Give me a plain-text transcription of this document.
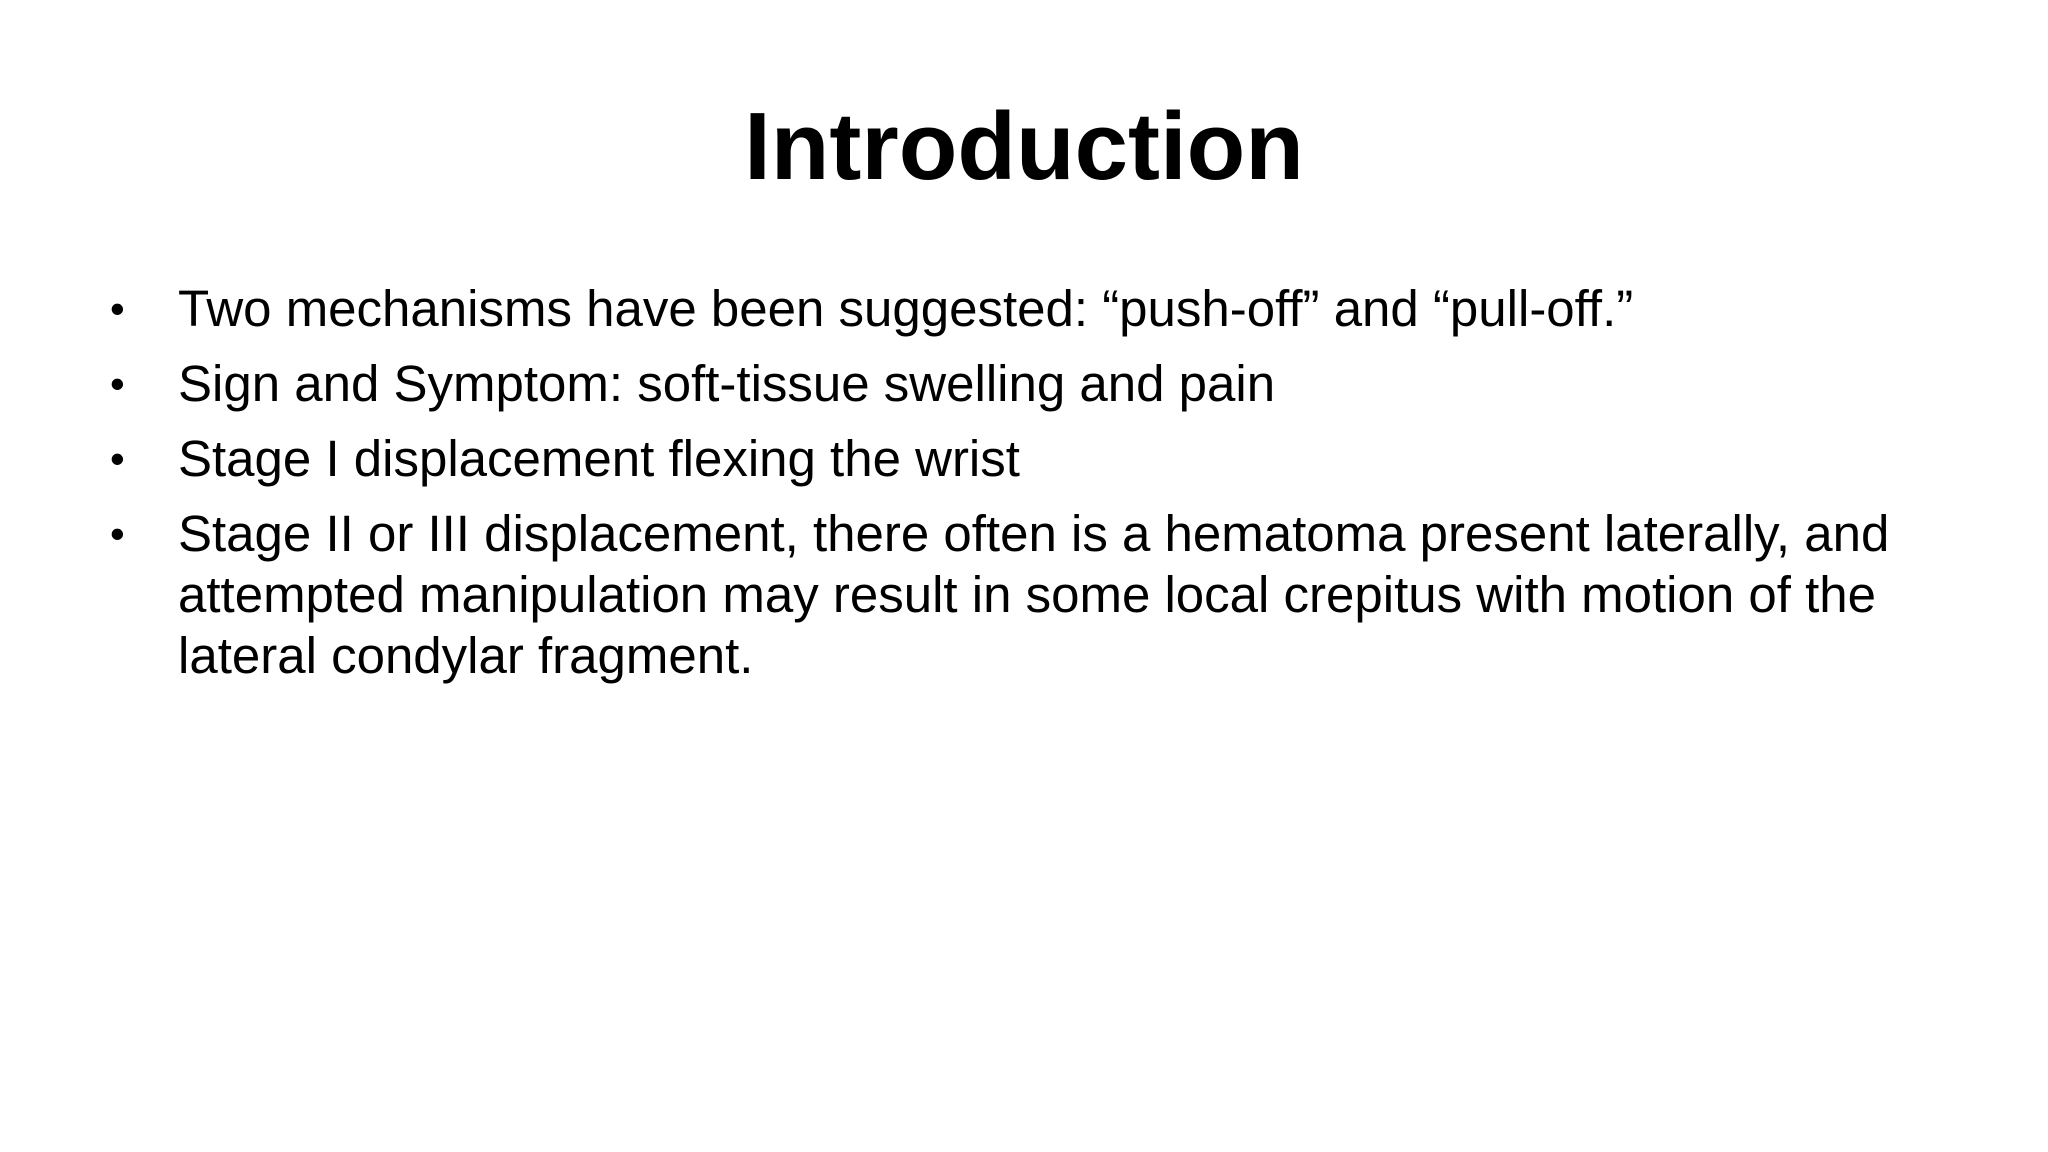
Introduction
•	Two mechanisms have been suggested: “push-off” and “pull-off.”
•	Sign and Symptom: soft-tissue swelling and pain
•	Stage I displacement flexing the wrist
•	Stage II or III displacement, there often is a hematoma present laterally, and attempted manipulation may result in some local crepitus with motion of the lateral condylar fragment.
